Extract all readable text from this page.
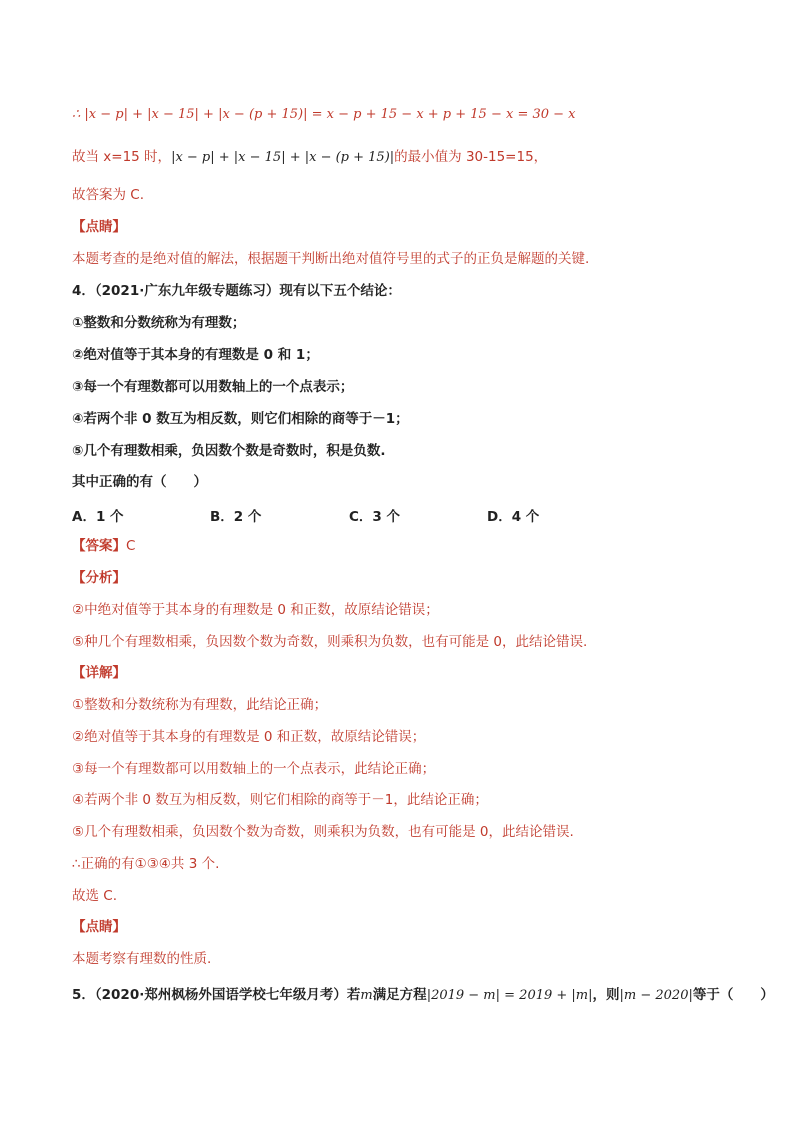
∴ |x − p| + |x − 15| + |x − (p + 15)| = x − p + 15 − x + p + 15 − x = 30 − x
故当 x=15 时，|x − p| + |x − 15| + |x − (p + 15)|的最小值为 30-15=15，
故答案为 C.
【点睛】
本题考查的是绝对值的解法，根据题干判断出绝对值符号里的式子的正负是解题的关键.
4．（2021·广东九年级专题练习）现有以下五个结论：
①整数和分数统称为有理数；
②绝对值等于其本身的有理数是 0 和 1；
③每一个有理数都可以用数轴上的一个点表示；
④若两个非 0 数互为相反数，则它们相除的商等于－1；
⑤几个有理数相乘，负因数个数是奇数时，积是负数.
其中正确的有（　　）
A．1 个	B．2 个	C．3 个	D．4 个
【答案】C
【分析】
②中绝对值等于其本身的有理数是 0 和正数，故原结论错误；
⑤种几个有理数相乘，负因数个数为奇数，则乘积为负数，也有可能是 0，此结论错误.
【详解】
①整数和分数统称为有理数，此结论正确；
②绝对值等于其本身的有理数是 0 和正数，故原结论错误；
③每一个有理数都可以用数轴上的一个点表示，此结论正确；
④若两个非 0 数互为相反数，则它们相除的商等于－1，此结论正确；
⑤几个有理数相乘，负因数个数为奇数，则乘积为负数，也有可能是 0，此结论错误.
∴正确的有①③④共 3 个.
故选 C.
【点睛】
本题考察有理数的性质.
5．（2020·郑州枫杨外国语学校七年级月考）若m满足方程|2019 − m| = 2019 + |m|，则|m − 2020|等于（　　）
